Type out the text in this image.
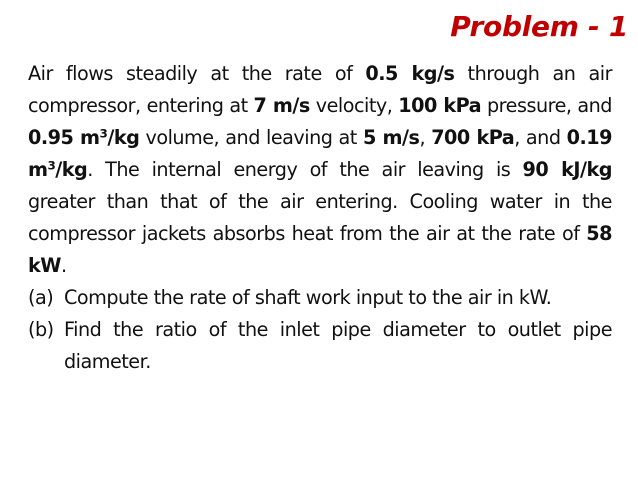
Problem - 1

Air flows steadily at the rate of 0.5 kg/s through an air compressor, entering at 7 m/s velocity, 100 kPa pressure, and 0.95 $m^3/kg$ volume, and leaving at 5 m/s, 700 kPa, and 0.19 $m^3/kg$. The internal energy of the air leaving is 90 kJ/kg greater than that of the air entering. Cooling water in the compressor jackets absorbs heat from the air at the rate of 58 kW.

(a) Compute the rate of shaft work input to the air in kW.
(b) Find the ratio of the inlet pipe diameter to outlet pipe diameter.
